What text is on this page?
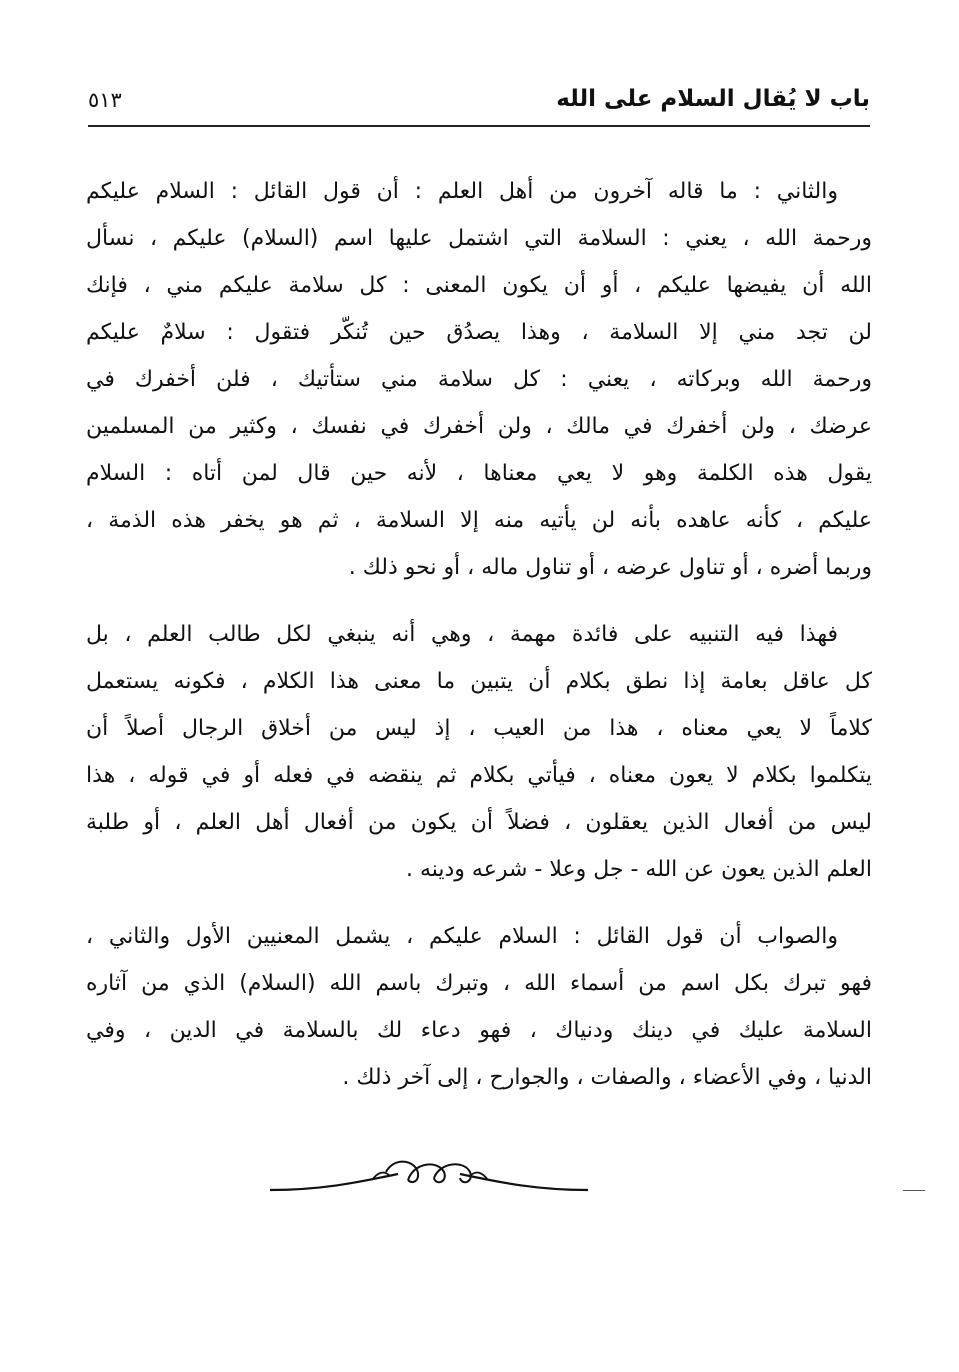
باب لا يُقال السلام على الله
٥١٣
والثاني : ما قاله آخرون من أهل العلم : أن قول القائل : السلام عليكم
ورحمة الله ، يعني : السلامة التي اشتمل عليها اسم (السلام) عليكم ، نسأل
الله أن يفيضها عليكم ، أو أن يكون المعنى : كل سلامة عليكم مني ، فإنك
لن تجد مني إلا السلامة ، وهذا يصدُق حين تُنكّر فتقول : سلامٌ عليكم
ورحمة الله وبركاته ، يعني : كل سلامة مني ستأتيك ، فلن أخفرك في
عرضك ، ولن أخفرك في مالك ، ولن أخفرك في نفسك ، وكثير من المسلمين
يقول هذه الكلمة وهو لا يعي معناها ، لأنه حين قال لمن أتاه : السلام
عليكم ، كأنه عاهده بأنه لن يأتيه منه إلا السلامة ، ثم هو يخفر هذه الذمة ،
وربما أضره ، أو تناول عرضه ، أو تناول ماله ، أو نحو ذلك .
فهذا فيه التنبيه على فائدة مهمة ، وهي أنه ينبغي لكل طالب العلم ، بل
كل عاقل بعامة إذا نطق بكلام أن يتبين ما معنى هذا الكلام ، فكونه يستعمل
كلاماً لا يعي معناه ، هذا من العيب ، إذ ليس من أخلاق الرجال أصلاً أن
يتكلموا بكلام لا يعون معناه ، فيأتي بكلام ثم ينقضه في فعله أو في قوله ، هذا
ليس من أفعال الذين يعقلون ، فضلاً أن يكون من أفعال أهل العلم ، أو طلبة
العلم الذين يعون عن الله - جل وعلا - شرعه ودينه .
والصواب أن قول القائل : السلام عليكم ، يشمل المعنيين الأول والثاني ،
فهو تبرك بكل اسم من أسماء الله ، وتبرك باسم الله (السلام) الذي من آثاره
السلامة عليك في دينك ودنياك ، فهو دعاء لك بالسلامة في الدين ، وفي
الدنيا ، وفي الأعضاء ، والصفات ، والجوارح ، إلى آخر ذلك .
